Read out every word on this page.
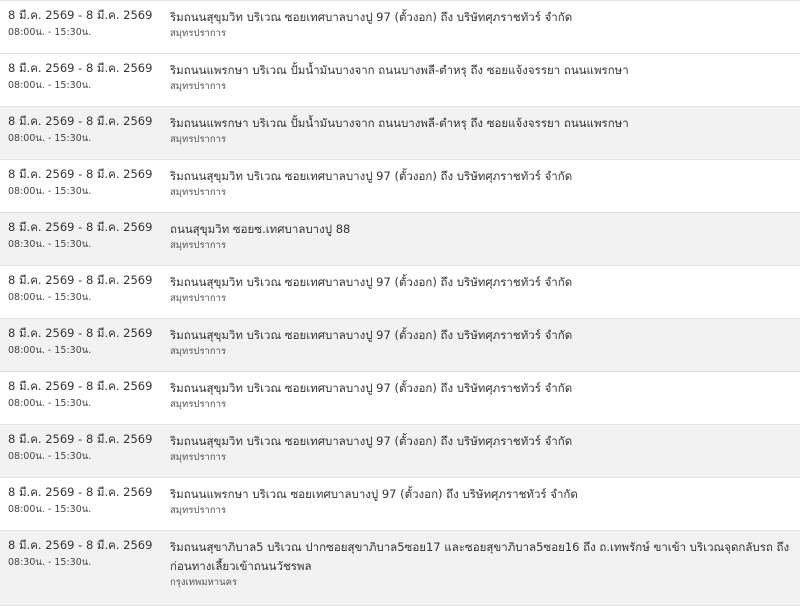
8 มี.ค. 2569 - 8 มี.ค. 2569
08:00น. - 15:30น.
ริมถนนสุขุมวิท บริเวณ ซอยเทศบาลบางปู 97 (ตั้วงอก) ถึง บริษัทศุภราชทัวร์ จำกัด
สมุทรปราการ
8 มี.ค. 2569 - 8 มี.ค. 2569
08:00น. - 15:30น.
ริมถนนแพรกษา บริเวณ ปั้มน้ำมันบางจาก ถนนบางพลี-ตำหรุ ถึง ซอยแจ้งจรรยา ถนนแพรกษา
สมุทรปราการ
8 มี.ค. 2569 - 8 มี.ค. 2569
08:00น. - 15:30น.
ริมถนนแพรกษา บริเวณ ปั้มน้ำมันบางจาก ถนนบางพลี-ตำหรุ ถึง ซอยแจ้งจรรยา ถนนแพรกษา
สมุทรปราการ
8 มี.ค. 2569 - 8 มี.ค. 2569
08:00น. - 15:30น.
ริมถนนสุขุมวิท บริเวณ ซอยเทศบาลบางปู 97 (ตั้วงอก) ถึง บริษัทศุภราชทัวร์ จำกัด
สมุทรปราการ
8 มี.ค. 2569 - 8 มี.ค. 2569
08:30น. - 15:30น.
ถนนสุขุมวิท ซอยซ.เทศบาลบางปู 88
สมุทรปราการ
8 มี.ค. 2569 - 8 มี.ค. 2569
08:00น. - 15:30น.
ริมถนนสุขุมวิท บริเวณ ซอยเทศบาลบางปู 97 (ตั้วงอก) ถึง บริษัทศุภราชทัวร์ จำกัด
สมุทรปราการ
8 มี.ค. 2569 - 8 มี.ค. 2569
08:00น. - 15:30น.
ริมถนนสุขุมวิท บริเวณ ซอยเทศบาลบางปู 97 (ตั้วงอก) ถึง บริษัทศุภราชทัวร์ จำกัด
สมุทรปราการ
8 มี.ค. 2569 - 8 มี.ค. 2569
08:00น. - 15:30น.
ริมถนนสุขุมวิท บริเวณ ซอยเทศบาลบางปู 97 (ตั้วงอก) ถึง บริษัทศุภราชทัวร์ จำกัด
สมุทรปราการ
8 มี.ค. 2569 - 8 มี.ค. 2569
08:00น. - 15:30น.
ริมถนนสุขุมวิท บริเวณ ซอยเทศบาลบางปู 97 (ตั้วงอก) ถึง บริษัทศุภราชทัวร์ จำกัด
สมุทรปราการ
8 มี.ค. 2569 - 8 มี.ค. 2569
08:00น. - 15:30น.
ริมถนนแพรกษา บริเวณ ซอยเทศบาลบางปู 97 (ตั้วงอก) ถึง บริษัทศุภราชทัวร์ จำกัด
สมุทรปราการ
8 มี.ค. 2569 - 8 มี.ค. 2569
08:30น. - 15:30น.
ริมถนนสุขาภิบาล5 บริเวณ ปากซอยสุขาภิบาล5ซอย17 และซอยสุขาภิบาล5ซอย16 ถึง ถ.เทพรักษ์ ขาเข้า บริเวณจุดกลับรถ ถึงก่อนทางเลี้ยวเข้าถนนวัชรพล
กรุงเทพมหานคร
